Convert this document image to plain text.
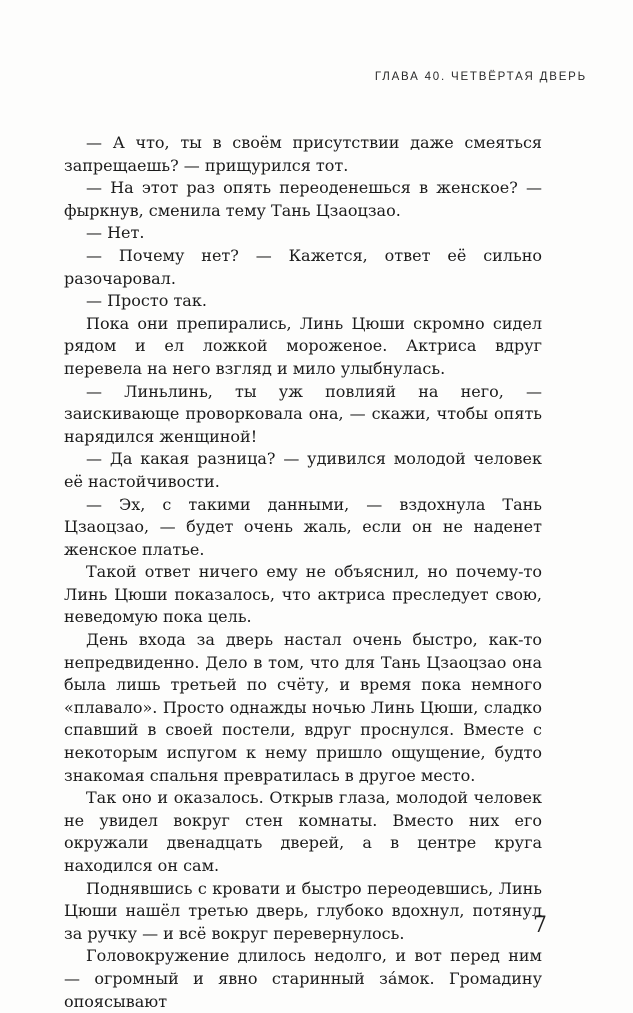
ГЛАВА 40. ЧЕТВЁРТАЯ ДВЕРЬ

— А что, ты в своём присутствии даже смеяться запрещаешь? — прищурился тот.

— На этот раз опять переоденешься в женское? — фыркнув, сменила тему Тань Цзаоцзао.

— Нет.

— Почему нет? — Кажется, ответ её сильно разочаровал.

— Просто так.

Пока они препирались, Линь Цюши скромно сидел рядом и ел ложкой мороженое. Актриса вдруг перевела на него взгляд и мило улыбнулась.

— Линьлинь, ты уж повлияй на него, — заискивающе проворковала она, — скажи, чтобы опять нарядился женщиной!

— Да какая разница? — удивился молодой человек её настойчивости.

— Эх, с такими данными, — вздохнула Тань Цзаоцзао, — будет очень жаль, если он не наденет женское платье.

Такой ответ ничего ему не объяснил, но почему-то Линь Цюши показалось, что актриса преследует свою, неведомую пока цель.

День входа за дверь настал очень быстро, как-то непредвиденно. Дело в том, что для Тань Цзаоцзао она была лишь третьей по счёту, и время пока немного «плавало». Просто однажды ночью Линь Цюши, сладко спавший в своей постели, вдруг проснулся. Вместе с некоторым испугом к нему пришло ощущение, будто знакомая спальня превратилась в другое место.

Так оно и оказалось. Открыв глаза, молодой человек не увидел вокруг стен комнаты. Вместо них его окружали двенадцать дверей, а в центре круга находился он сам.

Поднявшись с кровати и быстро переодевшись, Линь Цюши нашёл третью дверь, глубоко вдохнул, потянул за ручку — и всё вокруг перевернулось.

Головокружение длилось недолго, и вот перед ним — огромный и явно старинный за́мок. Громадину опоясывают

7
